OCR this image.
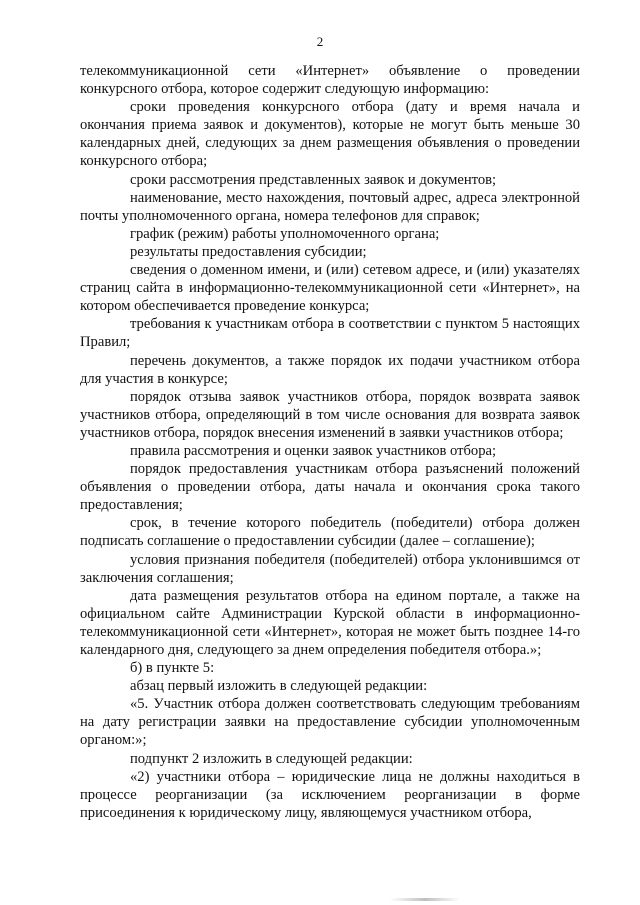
2

телекоммуникационной сети «Интернет» объявление о проведении конкурсного отбора, которое содержит следующую информацию:

сроки проведения конкурсного отбора (дату и время начала и окончания приема заявок и документов), которые не могут быть меньше 30 календарных дней, следующих за днем размещения объявления о проведении конкурсного отбора;

сроки рассмотрения представленных заявок и документов;

наименование, место нахождения, почтовый адрес, адреса электронной почты уполномоченного органа, номера телефонов для справок;

график (режим) работы уполномоченного органа;

результаты предоставления субсидии;

сведения о доменном имени, и (или) сетевом адресе, и (или) указателях страниц сайта в информационно-телекоммуникационной сети «Интернет», на котором обеспечивается проведение конкурса;

требования к участникам отбора в соответствии с пунктом 5 настоящих Правил;

перечень документов, а также порядок их подачи участником отбора для участия в конкурсе;

порядок отзыва заявок участников отбора, порядок возврата заявок участников отбора, определяющий в том числе основания для возврата заявок участников отбора, порядок внесения изменений в заявки участников отбора;

правила рассмотрения и оценки заявок участников отбора;

порядок предоставления участникам отбора разъяснений положений объявления о проведении отбора, даты начала и окончания срока такого предоставления;

срок, в течение которого победитель (победители) отбора должен подписать соглашение о предоставлении субсидии (далее – соглашение);

условия признания победителя (победителей) отбора уклонившимся от заключения соглашения;

дата размещения результатов отбора на едином портале, а также на официальном сайте Администрации Курской области в информационно-телекоммуникационной сети «Интернет», которая не может быть позднее 14-го календарного дня, следующего за днем определения победителя отбора.»;

б) в пункте 5:

абзац первый изложить в следующей редакции:

«5. Участник отбора должен соответствовать следующим требованиям на дату регистрации заявки на предоставление субсидии уполномоченным органом:»;

подпункт 2 изложить в следующей редакции:

«2) участники отбора – юридические лица не должны находиться в процессе реорганизации (за исключением реорганизации в форме присоединения к юридическому лицу, являющемуся участником отбора,
